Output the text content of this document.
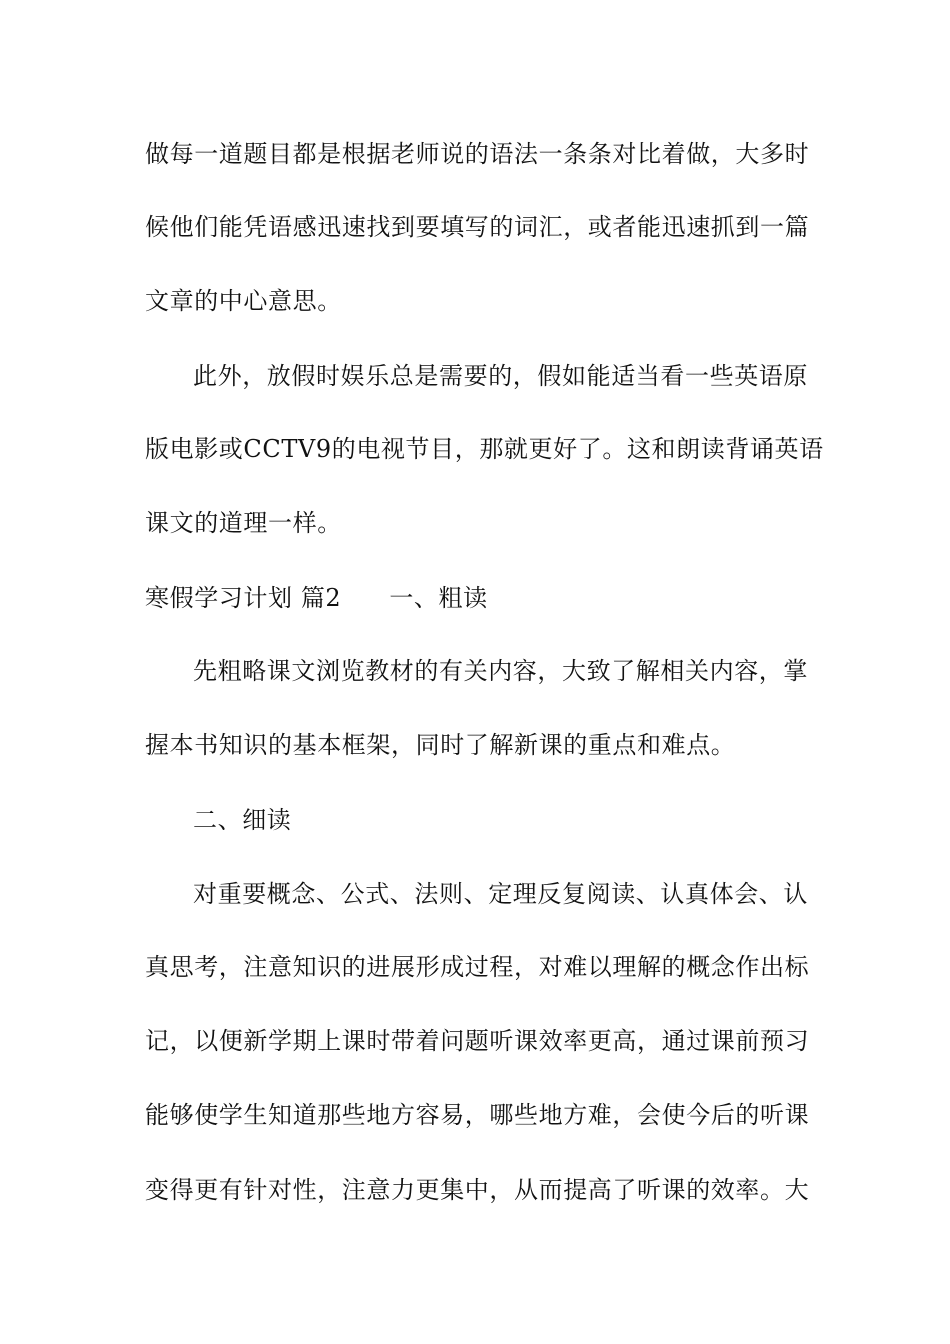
做每一道题目都是根据老师说的语法一条条对比着做，大多时
候他们能凭语感迅速找到要填写的词汇，或者能迅速抓到一篇
文章的中心意思。
此外，放假时娱乐总是需要的，假如能适当看一些英语原
版电影或CCTV9的电视节目，那就更好了。这和朗读背诵英语
课文的道理一样。
寒假学习计划 篇2 一、粗读
先粗略课文浏览教材的有关内容，大致了解相关内容，掌
握本书知识的基本框架，同时了解新课的重点和难点。
二、细读
对重要概念、公式、法则、定理反复阅读、认真体会、认
真思考，注意知识的进展形成过程，对难以理解的概念作出标
记，以便新学期上课时带着问题听课效率更高，通过课前预习
能够使学生知道那些地方容易，哪些地方难，会使今后的听课
变得更有针对性，注意力更集中，从而提高了听课的效率。大
